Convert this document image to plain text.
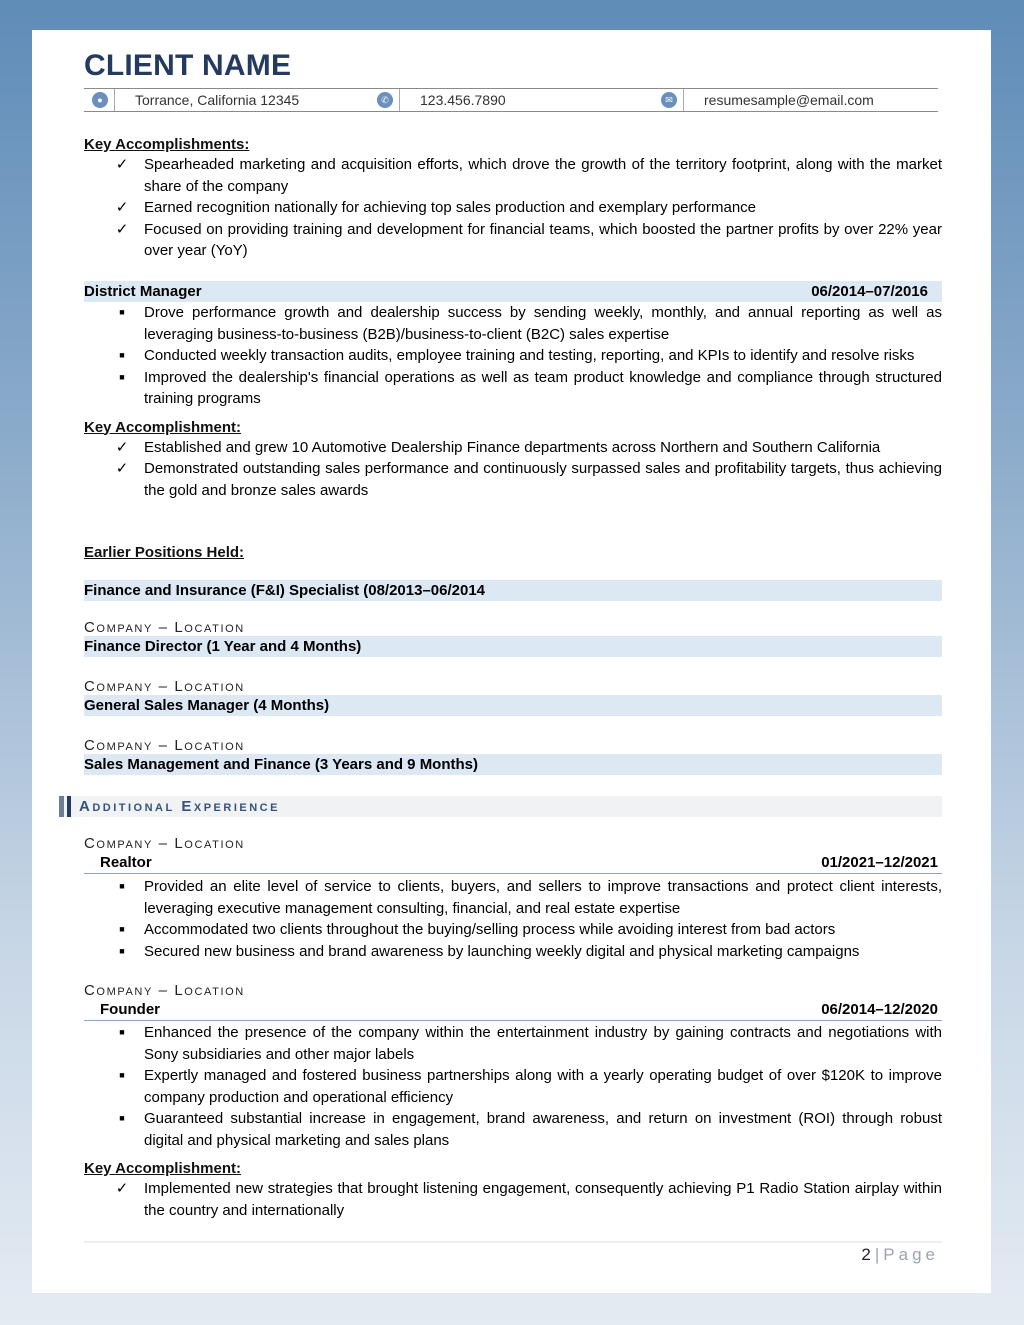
CLIENT NAME
●	Torrance, California 12345	✆	123.456.7890	✉	resumesample@email.com
Key Accomplishments:
✓ Spearheaded marketing and acquisition efforts, which drove the growth of the territory footprint, along with the market share of the company
✓ Earned recognition nationally for achieving top sales production and exemplary performance
✓ Focused on providing training and development for financial teams, which boosted the partner profits by over 22% year over year (YoY)
District Manager	06/2014–07/2016
■	Drove performance growth and dealership success by sending weekly, monthly, and annual reporting as well as leveraging business-to-business (B2B)/business-to-client (B2C) sales expertise
■	Conducted weekly transaction audits, employee training and testing, reporting, and KPIs to identify and resolve risks
■	Improved the dealership's financial operations as well as team product knowledge and compliance through structured training programs
Key Accomplishment:
✓ Established and grew 10 Automotive Dealership Finance departments across Northern and Southern California
✓ Demonstrated outstanding sales performance and continuously surpassed sales and profitability targets, thus achieving the gold and bronze sales awards
Earlier Positions Held:
Finance and Insurance (F&I) Specialist (08/2013–06/2014
Company – Location
Finance Director (1 Year and 4 Months)
Company – Location
General Sales Manager (4 Months)
Company – Location
Sales Management and Finance (3 Years and 9 Months)
Additional Experience
Company – Location
Realtor	01/2021–12/2021
■	Provided an elite level of service to clients, buyers, and sellers to improve transactions and protect client interests, leveraging executive management consulting, financial, and real estate expertise
■	Accommodated two clients throughout the buying/selling process while avoiding interest from bad actors
■	Secured new business and brand awareness by launching weekly digital and physical marketing campaigns
Company – Location
Founder	06/2014–12/2020
■	Enhanced the presence of the company within the entertainment industry by gaining contracts and negotiations with Sony subsidiaries and other major labels
■	Expertly managed and fostered business partnerships along with a yearly operating budget of over $120K to improve company production and operational efficiency
■	Guaranteed substantial increase in engagement, brand awareness, and return on investment (ROI) through robust digital and physical marketing and sales plans
Key Accomplishment:
✓ Implemented new strategies that brought listening engagement, consequently achieving P1 Radio Station airplay within the country and internationally
2 | Page
